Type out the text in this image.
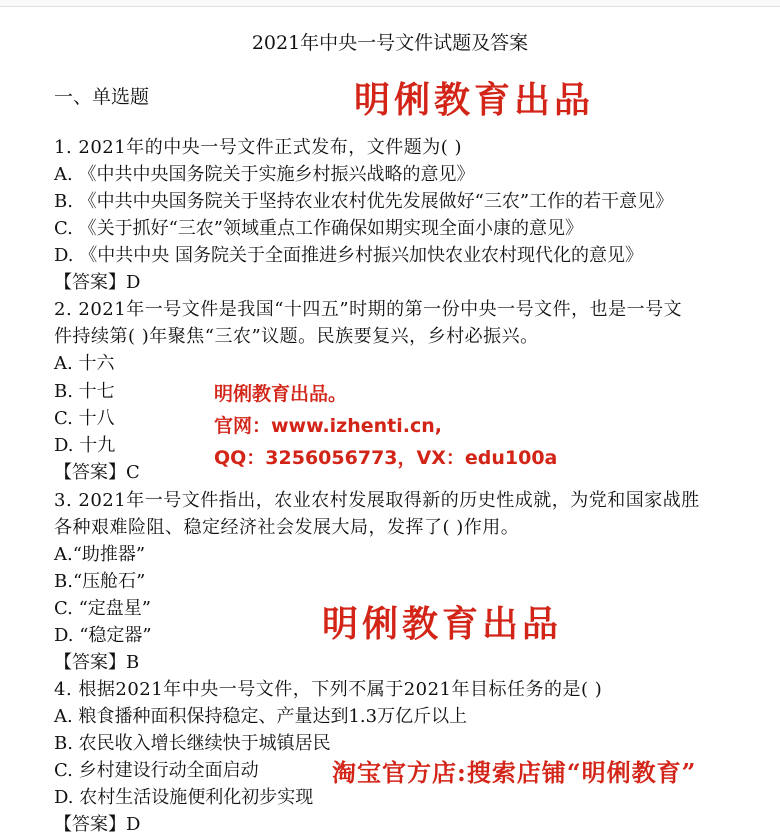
2021年中央一号文件试题及答案
一、单选题
1. 2021年的中央一号文件正式发布，文件题为( )
A. 《中共中央国务院关于实施乡村振兴战略的意见》
B. 《中共中央国务院关于坚持农业农村优先发展做好“三农”工作的若干意见》
C. 《关于抓好“三农”领域重点工作确保如期实现全面小康的意见》
D. 《中共中央 国务院关于全面推进乡村振兴加快农业农村现代化的意见》
【答案】D
2. 2021年一号文件是我国“十四五”时期的第一份中央一号文件，也是一号文
件持续第( )年聚焦“三农”议题。民族要复兴，乡村必振兴。
A. 十六
B. 十七
C. 十八
D. 十九
【答案】C
3. 2021年一号文件指出，农业农村发展取得新的历史性成就，为党和国家战胜
各种艰难险阻、稳定经济社会发展大局，发挥了( )作用。
A.“助推器”
B.“压舱石”
C. “定盘星”
D. “稳定器”
【答案】B
4. 根据2021年中央一号文件，下列不属于2021年目标任务的是( )
A. 粮食播种面积保持稳定、产量达到1.3万亿斤以上
B. 农民收入增长继续快于城镇居民
C. 乡村建设行动全面启动
D. 农村生活设施便利化初步实现
【答案】D
明俐教育出品
明俐教育出品。
官网：www.izhenti.cn,
QQ：3256056773，VX：edu100a
明俐教育出品
淘宝官方店:搜索店铺“明俐教育”
